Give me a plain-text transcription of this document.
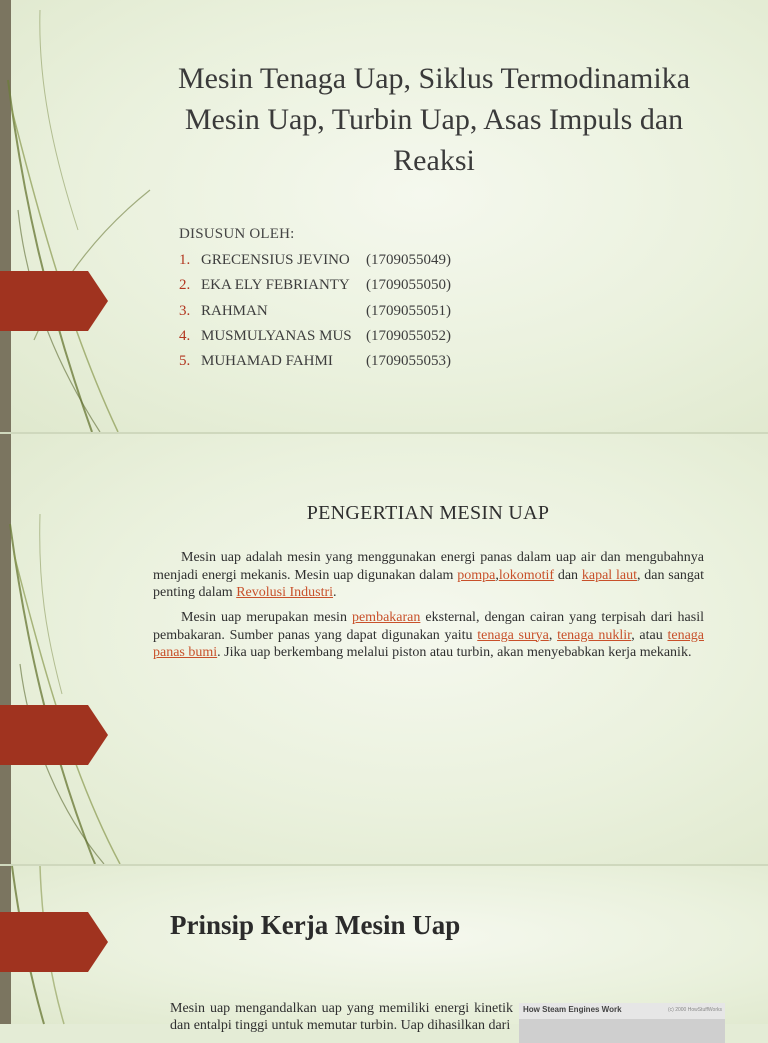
Mesin Tenaga Uap, Siklus Termodinamika
Mesin Uap, Turbin Uap, Asas Impuls dan
Reaksi
DISUSUN OLEH:
1. GRECENSIUS JEVINO	(1709055049)
2. EKA ELY FEBRIANTY	(1709055050)
3. RAHMAN	(1709055051)
4. MUSMULYANAS MUS (1709055052)
5. MUHAMAD FAHMI	(1709055053)
PENGERTIAN MESIN UAP

Mesin uap adalah mesin yang menggunakan energi panas dalam uap air dan mengubahnya menjadi energi mekanis. Mesin uap digunakan dalam pompa,lokomotif dan kapal laut, dan sangat penting dalam Revolusi Industri.

Mesin uap merupakan mesin pembakaran eksternal, dengan cairan yang terpisah dari hasil pembakaran. Sumber panas yang dapat digunakan yaitu tenaga surya, tenaga nuklir, atau tenaga panas bumi. Jika uap berkembang melalui piston atau turbin, akan menyebabkan kerja mekanik.

Prinsip Kerja Mesin Uap

Mesin uap mengandalkan uap yang memiliki energi kinetik dan entalpi tinggi untuk memutar turbin. Uap dihasilkan dari

How Steam Engines Work	(c) 2000 HowStuffWorks
